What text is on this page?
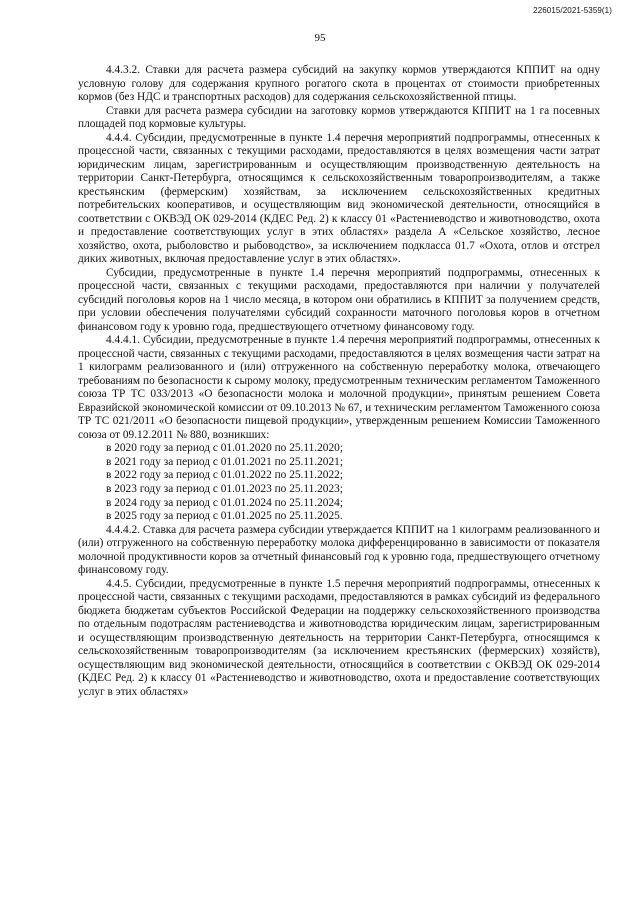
226015/2021-5359(1)
95

4.4.3.2. Ставки для расчета размера субсидий на закупку кормов утверждаются КППИТ на одну условную голову для содержания крупного рогатого скота в процентах от стоимости приобретенных кормов (без НДС и транспортных расходов) для содержания сельскохозяйственной птицы.

Ставки для расчета размера субсидии на заготовку кормов утверждаются КППИТ на 1 га посевных площадей под кормовые культуры.

4.4.4. Субсидии, предусмотренные в пункте 1.4 перечня мероприятий подпрограммы, отнесенных к процессной части, связанных с текущими расходами, предоставляются в целях возмещения части затрат юридическим лицам, зарегистрированным и осуществляющим производственную деятельность на территории Санкт-Петербурга, относящимся к сельскохозяйственным товаропроизводителям, а также крестьянским (фермерским) хозяйствам, за исключением сельскохозяйственных кредитных потребительских кооперативов, и осуществляющим вид экономической деятельности, относящийся в соответствии с ОКВЭД ОК 029-2014 (КДЕС Ред. 2) к классу 01 «Растениеводство и животноводство, охота и предоставление соответствующих услуг в этих областях» раздела А «Сельское хозяйство, лесное хозяйство, охота, рыболовство и рыбоводство», за исключением подкласса 01.7 «Охота, отлов и отстрел диких животных, включая предоставление услуг в этих областях».

Субсидии, предусмотренные в пункте 1.4 перечня мероприятий подпрограммы, отнесенных к процессной части, связанных с текущими расходами, предоставляются при наличии у получателей субсидий поголовья коров на 1 число месяца, в котором они обратились в КППИТ за получением средств, при условии обеспечения получателями субсидий сохранности маточного поголовья коров в отчетном финансовом году к уровню года, предшествующего отчетному финансовому году.

4.4.4.1. Субсидии, предусмотренные в пункте 1.4 перечня мероприятий подпрограммы, отнесенных к процессной части, связанных с текущими расходами, предоставляются в целях возмещения части затрат на 1 килограмм реализованного и (или) отгруженного на собственную переработку молока, отвечающего требованиям по безопасности к сырому молоку, предусмотренным техническим регламентом Таможенного союза ТР ТС 033/2013 «О безопасности молока и молочной продукции», принятым решением Совета Евразийской экономической комиссии от 09.10.2013 № 67, и техническим регламентом Таможенного союза ТР ТС 021/2011 «О безопасности пищевой продукции», утвержденным решением Комиссии Таможенного союза от 09.12.2011 № 880, возникших:

в 2020 году за период с 01.01.2020 по 25.11.2020;

в 2021 году за период с 01.01.2021 по 25.11.2021;

в 2022 году за период с 01.01.2022 по 25.11.2022;

в 2023 году за период с 01.01.2023 по 25.11.2023;

в 2024 году за период с 01.01.2024 по 25.11.2024;

в 2025 году за период с 01.01.2025 по 25.11.2025.

4.4.4.2. Ставка для расчета размера субсидии утверждается КППИТ на 1 килограмм реализованного и (или) отгруженного на собственную переработку молока дифференцированно в зависимости от показателя молочной продуктивности коров за отчетный финансовый год к уровню года, предшествующего отчетному финансовому году.

4.4.5. Субсидии, предусмотренные в пункте 1.5 перечня мероприятий подпрограммы, отнесенных к процессной части, связанных с текущими расходами, предоставляются в рамках субсидий из федерального бюджета бюджетам субъектов Российской Федерации на поддержку сельскохозяйственного производства по отдельным подотраслям растениеводства и животноводства юридическим лицам, зарегистрированным и осуществляющим производственную деятельность на территории Санкт-Петербурга, относящимся к сельскохозяйственным товаропроизводителям (за исключением крестьянских (фермерских) хозяйств), осуществляющим вид экономической деятельности, относящийся в соответствии с ОКВЭД ОК 029-2014 (КДЕС Ред. 2) к классу 01 «Растениеводство и животноводство, охота и предоставление соответствующих услуг в этих областях»
